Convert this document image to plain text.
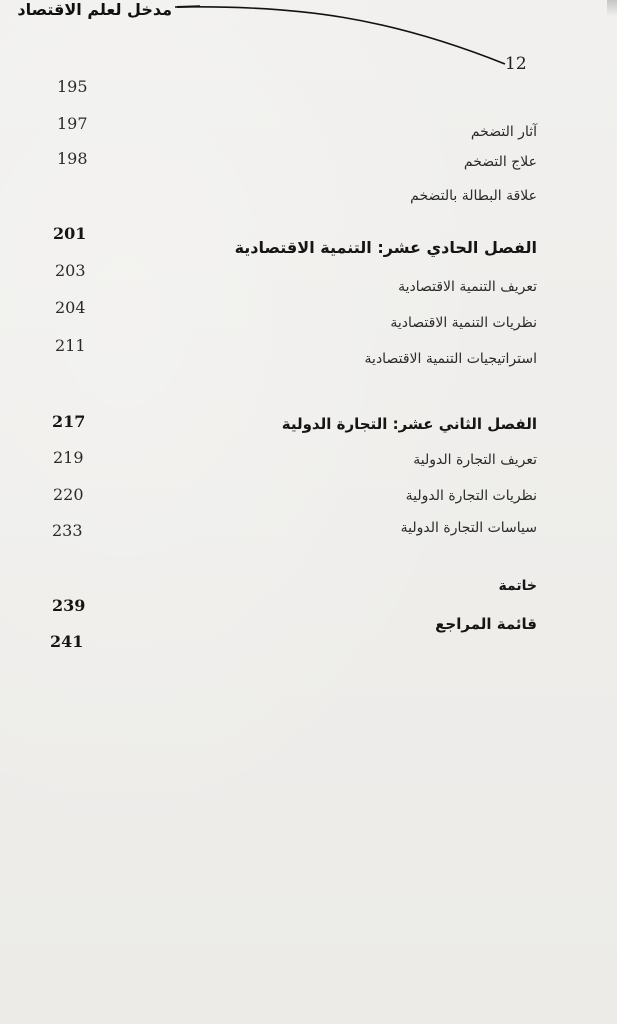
مدخل لعلم الاقتصاد
12
195
197
198
201
203
204
211
217
219
220
233
239
241
آثار التضخم
علاج التضخم
علاقة البطالة بالتضخم
الفصل الحادي عشر: التنمية الاقتصادية
تعريف التنمية الاقتصادية
نظريات التنمية الاقتصادية
استراتيجيات التنمية الاقتصادية
الفصل الثاني عشر: التجارة الدولية
تعريف التجارة الدولية
نظريات التجارة الدولية
سياسات التجارة الدولية
خاتمة
قائمة المراجع
